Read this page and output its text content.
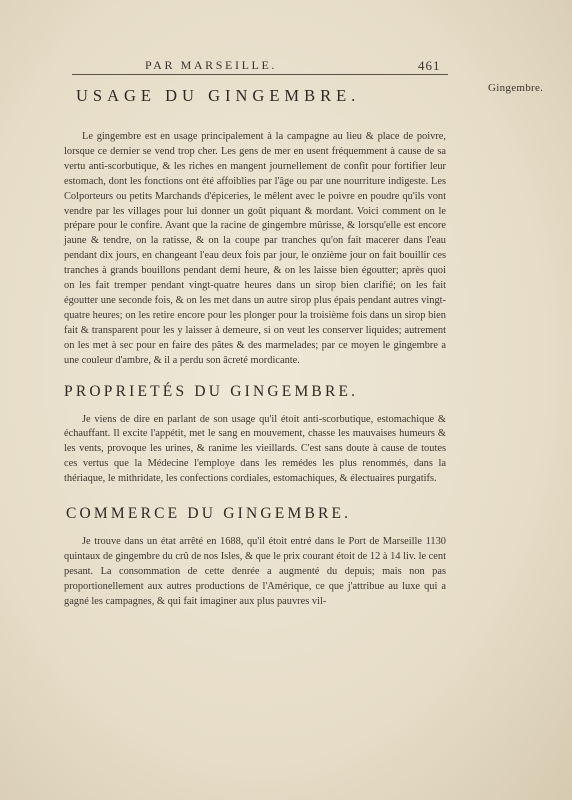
PAR MARSEILLE.	461
Gingembre.
USAGE DU GINGEMBRE.

Le gingembre est en usage principalement à la campagne au lieu & place de poivre, lorsque ce dernier se vend trop cher. Les gens de mer en usent fréquemment à cause de sa vertu anti-scorbutique, & les riches en mangent journellement de confit pour fortifier leur estomach, dont les fonctions ont été affoiblies par l'âge ou par une nourriture indigeste. Les Colporteurs ou petits Marchands d'épiceries, le mêlent avec le poivre en poudre qu'ils vont vendre par les villages pour lui donner un goût piquant & mordant. Voici comment on le prépare pour le confire. Avant que la racine de gingembre mûrisse, & lorsqu'elle est encore jaune & tendre, on la ratisse, & on la coupe par tranches qu'on fait macerer dans l'eau pendant dix jours, en changeant l'eau deux fois par jour, le onzième jour on fait bouillir ces tranches à grands bouillons pendant demi heure, & on les laisse bien égoutter; après quoi on les fait tremper pendant vingt-quatre heures dans un sirop bien clarifié; on les fait égoutter une seconde fois, & on les met dans un autre sirop plus épais pendant autres vingt-quatre heures; on les retire encore pour les plonger pour la troisième fois dans un sirop bien fait & transparent pour les y laisser à demeure, si on veut les conserver liquides; autrement on les met à sec pour en faire des pâtes & des marmelades; par ce moyen le gingembre a une couleur d'ambre, & il a perdu son âcreté mordicante.

PROPRIETÉS DU GINGEMBRE.

Je viens de dire en parlant de son usage qu'il étoit anti-scorbutique, estomachique & échauffant. Il excite l'appétit, met le sang en mouvement, chasse les mauvaises humeurs & les vents, provoque les urines, & ranime les vieillards. C'est sans doute à cause de toutes ces vertus que la Médecine l'employe dans les remédes les plus renommés, dans la thériaque, le mithridate, les confections cordiales, estomachiques, & électuaires purgatifs.

COMMERCE DU GINGEMBRE.

Je trouve dans un état arrêté en 1688, qu'il étoit entré dans le Port de Marseille 1130 quintaux de gingembre du crû de nos Isles, & que le prix courant étoit de 12 à 14 liv. le cent pesant. La consommation de cette denrée a augmenté du depuis; mais non pas proportionellement aux autres productions de l'Amérique, ce que j'attribue au luxe qui a gagné les campagnes, & qui fait imaginer aux plus pauvres vil-
